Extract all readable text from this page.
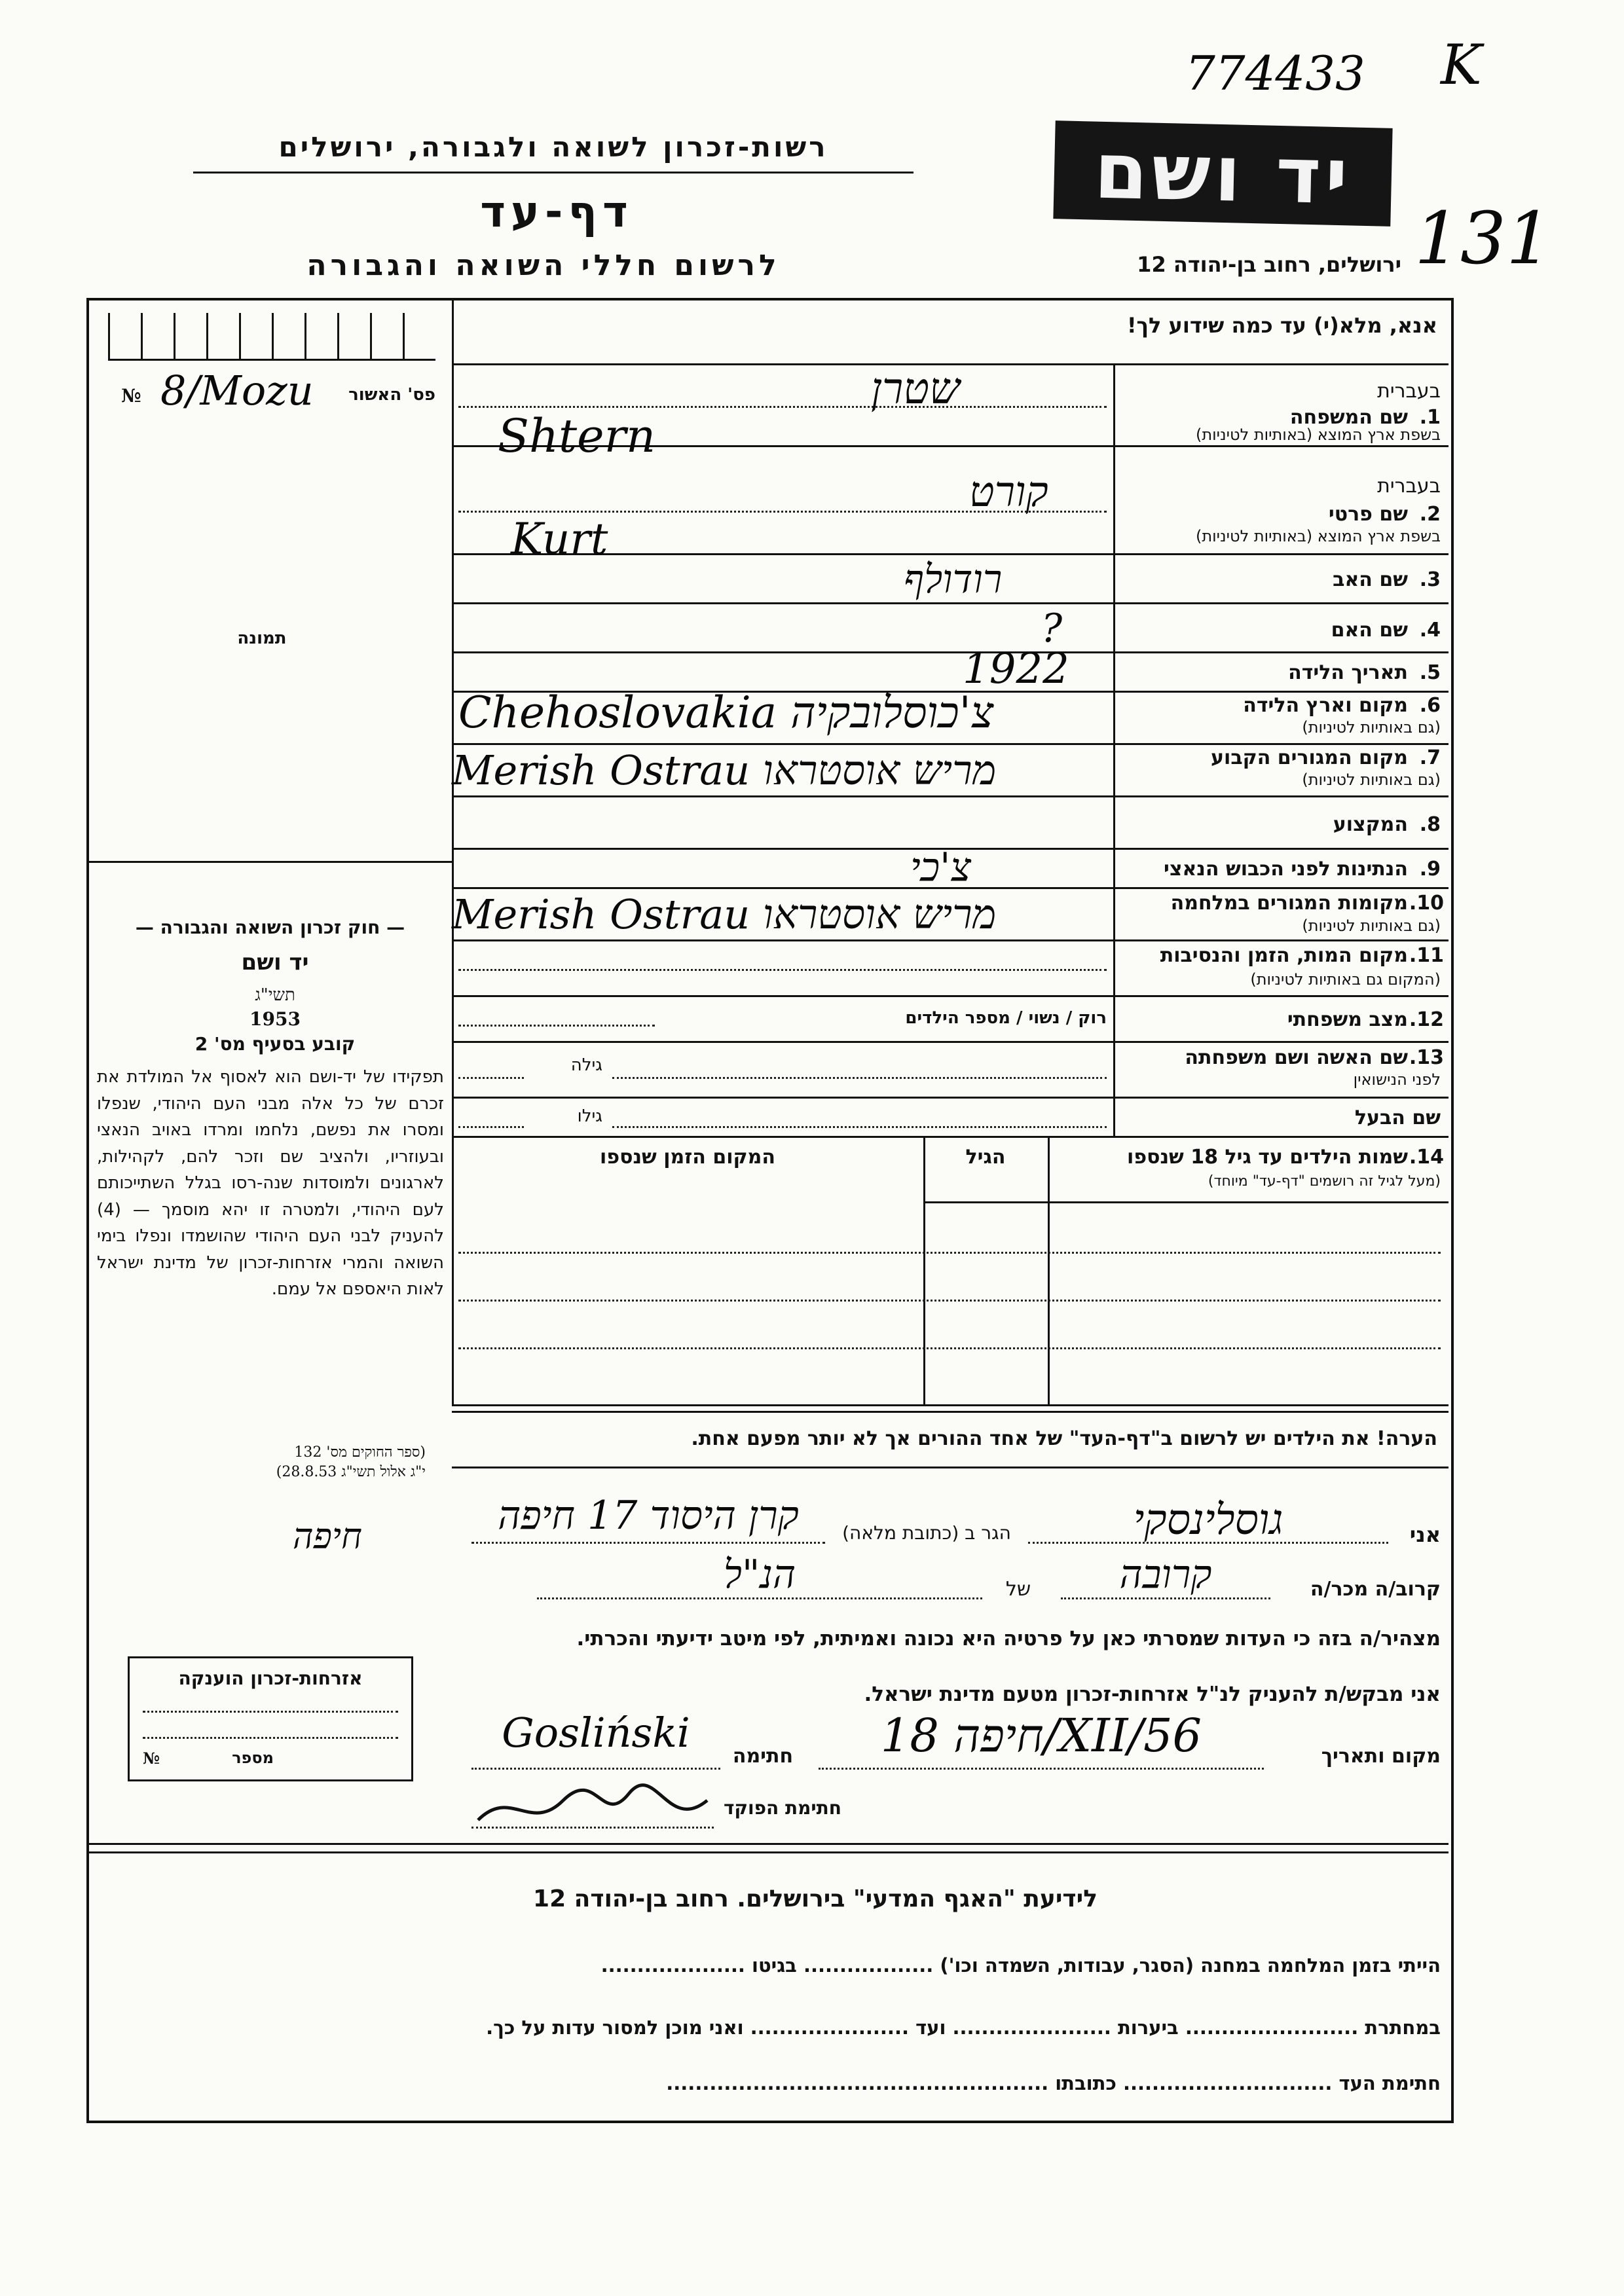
774433 K
131
רשות-זכרון לשואה ולגבורה, ירושלים
דף-עד
לרשום חללי השואה והגבורה
יד ושם
ירושלים, רחוב בן-יהודה 12
אנא, מלא(י) עד כמה שידוע לך!
פס' האשור
№ 8/Mozu
תמונה
— חוק זכרון השואה והגבורה —
יד ושם
תשי"ג
1953
קובע בסעיף מס' 2
תפקידו של יד-ושם הוא לאסוף אל המולדת את זכרם של כל אלה מבני העם היהודי, שנפלו ומסרו את נפשם, נלחמו ומרדו באויב הנאצי ובעוזריו, ולהציב שם וזכר להם, לקהילות, לארגונים ולמוסדות שנה-רסו בגלל השתייכותם לעם היהודי, ולמטרה זו יהא מוסמך — (4) להעניק לבני העם היהודי שהושמדו ונפלו בימי השואה והמרי אזרחות-זכרון של מדינת ישראל לאות היאספם אל עמם.
(ספר החוקים מס' 132
י"ג אלול תשי"ג 28.8.53)
בעברית
שם המשפחה 1.
בשפת ארץ המוצא (באותיות לטיניות)
שטרן
Shtern
בעברית
שם פרטי 2.
בשפת ארץ המוצא (באותיות לטיניות)
קורט
Kurt
שם האב 3.
רודולף
שם האם 4.
?
תאריך הלידה 5.
1922
מקום וארץ הלידה 6.
(גם באותיות לטיניות)
Chehoslovakia צ'כוסלובקיה
מקום המגורים הקבוע 7.
(גם באותיות לטיניות)
Merish Ostrau מריש אוסטראו
המקצוע 8.
הנתינות לפני הכבוש הנאצי 9.
צ'כי
מקומות המגורים במלחמה 10.
(גם באותיות לטיניות)
Merish Ostrau מריש אוסטראו
מקום המות, הזמן והנסיבות 11.
(המקום גם באותיות לטיניות)
מצב משפחתי 12.
רוק / נשוי / מספר הילדים
שם האשה ושם משפחתה 13.
לפני הנישואין
גילה
שם הבעל
גילו
שמות הילדים עד גיל 18 שנספו 14.
(מעל לגיל זה רושמים "דף-עד" מיוחד)
הגיל
המקום הזמן שנספו
הערה! את הילדים יש לרשום ב"דף-העד" של אחד ההורים אך לא יותר מפעם אחת.
אזרחות-זכרון הוענקה
№	מספר
אני
גוסלינסקי
הגר ב (כתובת מלאה)
קרן היסוד 17 חיפה
חיפה
קרוב/ה מכר/ה
קרובה
של
הנ"ל
מצהיר/ה בזה כי העדות שמסרתי כאן על פרטיה היא נכונה ואמיתית, לפי מיטב ידיעתי והכרתי.
אני מבקש/ת להעניק לנ"ל אזרחות-זכרון מטעם מדינת ישראל.
מקום ותאריך
חיפה 18/XII/56
חתימה
Gosliński
חתימת הפוקד
לידיעת "האגף המדעי" בירושלים. רחוב בן-יהודה 12
הייתי בזמן המלחמה במחנה (הסגר, עבודות, השמדה וכו') .................. בגיטו ....................
במחתרת ........................ ביערות ...................... ועד ...................... ואני מוכן למסור עדות על כך.
חתימת העד ............................. כתובתו .....................................................
